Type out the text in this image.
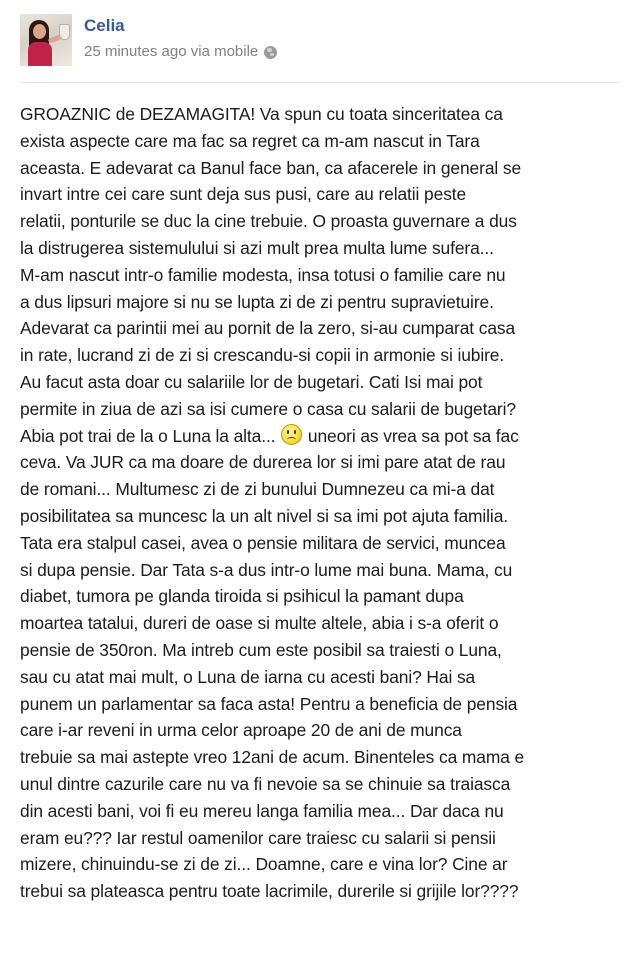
Celia
25 minutes ago via mobile
GROAZNIC de DEZAMAGITA! Va spun cu toata sinceritatea ca
exista aspecte care ma fac sa regret ca m-am nascut in Tara
aceasta. E adevarat ca Banul face ban, ca afacerele in general se
invart intre cei care sunt deja sus pusi, care au relatii peste
relatii, ponturile se duc la cine trebuie. O proasta guvernare a dus
la distrugerea sistemulului si azi mult prea multa lume sufera...
M-am nascut intr-o familie modesta, insa totusi o familie care nu
a dus lipsuri majore si nu se lupta zi de zi pentru supravietuire.
Adevarat ca parintii mei au pornit de la zero, si-au cumparat casa
in rate, lucrand zi de zi si crescandu-si copii in armonie si iubire.
Au facut asta doar cu salariile lor de bugetari. Cati Isi mai pot
permite in ziua de azi sa isi cumere o casa cu salarii de bugetari?
Abia pot trai de la o Luna la alta...
uneori as vrea sa pot sa fac
ceva. Va JUR ca ma doare de durerea lor si imi pare atat de rau
de romani... Multumesc zi de zi bunului Dumnezeu ca mi-a dat
posibilitatea sa muncesc la un alt nivel si sa imi pot ajuta familia.
Tata era stalpul casei, avea o pensie militara de servici, muncea
si dupa pensie. Dar Tata s-a dus intr-o lume mai buna. Mama, cu
diabet, tumora pe glanda tiroida si psihicul la pamant dupa
moartea tatalui, dureri de oase si multe altele, abia i s-a oferit o
pensie de 350ron. Ma intreb cum este posibil sa traiesti o Luna,
sau cu atat mai mult, o Luna de iarna cu acesti bani? Hai sa
punem un parlamentar sa faca asta! Pentru a beneficia de pensia
care i-ar reveni in urma celor aproape 20 de ani de munca
trebuie sa mai astepte vreo 12ani de acum. Binenteles ca mama e
unul dintre cazurile care nu va fi nevoie sa se chinuie sa traiasca
din acesti bani, voi fi eu mereu langa familia mea... Dar daca nu
eram eu??? Iar restul oamenilor care traiesc cu salarii si pensii
mizere, chinuindu-se zi de zi... Doamne, care e vina lor? Cine ar
trebui sa plateasca pentru toate lacrimile, durerile si grijile lor????
